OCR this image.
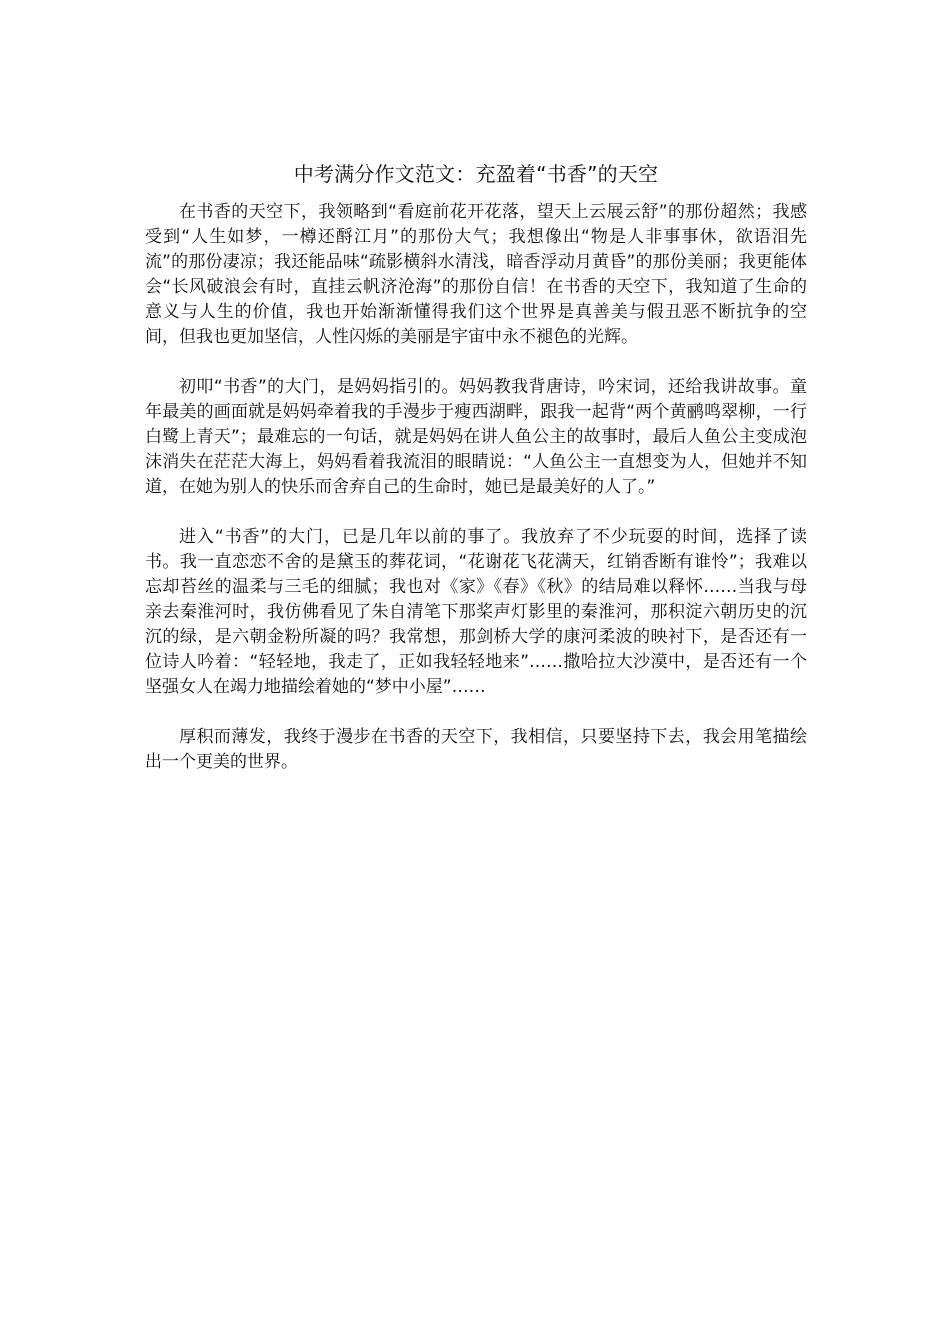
中考满分作文范文：充盈着“书香”的天空

在书香的天空下，我领略到“看庭前花开花落，望天上云展云舒”的那份超然；我感受到“人生如梦，一樽还酹江月”的那份大气；我想像出“物是人非事事休，欲语泪先流”的那份凄凉；我还能品味“疏影横斜水清浅，暗香浮动月黄昏”的那份美丽；我更能体会“长风破浪会有时，直挂云帆济沧海”的那份自信！在书香的天空下，我知道了生命的意义与人生的价值，我也开始渐渐懂得我们这个世界是真善美与假丑恶不断抗争的空间，但我也更加坚信，人性闪烁的美丽是宇宙中永不褪色的光辉。

初叩“书香”的大门，是妈妈指引的。妈妈教我背唐诗，吟宋词，还给我讲故事。童年最美的画面就是妈妈牵着我的手漫步于瘦西湖畔，跟我一起背“两个黄鹂鸣翠柳，一行白鹭上青天”；最难忘的一句话，就是妈妈在讲人鱼公主的故事时，最后人鱼公主变成泡沫消失在茫茫大海上，妈妈看着我流泪的眼睛说：“人鱼公主一直想变为人，但她并不知道，在她为别人的快乐而舍弃自己的生命时，她已是最美好的人了。”

进入“书香”的大门，已是几年以前的事了。我放弃了不少玩耍的时间，选择了读书。我一直恋恋不舍的是黛玉的葬花词，“花谢花飞花满天，红销香断有谁怜”；我难以忘却苔丝的温柔与三毛的细腻；我也对《家》《春》《秋》的结局难以释怀……当我与母亲去秦淮河时，我仿佛看见了朱自清笔下那桨声灯影里的秦淮河，那积淀六朝历史的沉沉的绿，是六朝金粉所凝的吗？我常想，那剑桥大学的康河柔波的映衬下，是否还有一位诗人吟着：“轻轻地，我走了，正如我轻轻地来”……撒哈拉大沙漠中，是否还有一个坚强女人在竭力地描绘着她的“梦中小屋”……

厚积而薄发，我终于漫步在书香的天空下，我相信，只要坚持下去，我会用笔描绘出一个更美的世界。
